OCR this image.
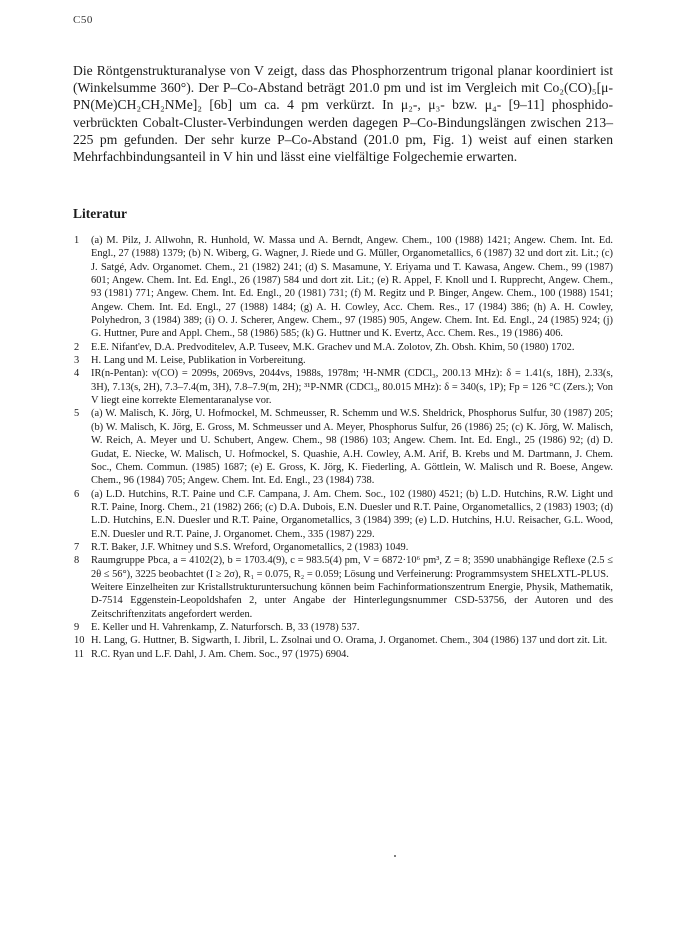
C50

Die Röntgenstrukturanalyse von V zeigt, dass das Phosphorzentrum trigonal planar koordiniert ist (Winkelsumme 360°). Der P–Co-Abstand beträgt 201.0 pm und ist im Vergleich mit Co₂(CO)₅[μ-PN(Me)CH₂CH₂NMe]₂ [6b] um ca. 4 pm verkürzt. In μ₂-, μ₃- bzw. μ₄- [9–11] phosphido-verbrückten Cobalt-Cluster-Verbindungen werden dagegen P–Co-Bindungslängen zwischen 213–225 pm gefunden. Der sehr kurze P–Co-Abstand (201.0 pm, Fig. 1) weist auf einen starken Mehrfachbindungsanteil in V hin und lässt eine vielfältige Folgechemie erwarten.

Literatur
1	(a) M. Pilz, J. Allwohn, R. Hunhold, W. Massa und A. Berndt, Angew. Chem., 100 (1988) 1421; Angew. Chem. Int. Ed. Engl., 27 (1988) 1379; (b) N. Wiberg, G. Wagner, J. Riede und G. Müller, Organometallics, 6 (1987) 32 und dort zit. Lit.; (c) J. Satgé, Adv. Organomet. Chem., 21 (1982) 241; (d) S. Masamune, Y. Eriyama und T. Kawasa, Angew. Chem., 99 (1987) 601; Angew. Chem. Int. Ed. Engl., 26 (1987) 584 und dort zit. Lit.; (e) R. Appel, F. Knoll und I. Rupprecht, Angew. Chem., 93 (1981) 771; Angew. Chem. Int. Ed. Engl., 20 (1981) 731; (f) M. Regitz und P. Binger, Angew. Chem., 100 (1988) 1541; Angew. Chem. Int. Ed. Engl., 27 (1988) 1484; (g) A. H. Cowley, Acc. Chem. Res., 17 (1984) 386; (h) A. H. Cowley, Polyhedron, 3 (1984) 389; (i) O. J. Scherer, Angew. Chem., 97 (1985) 905, Angew. Chem. Int. Ed. Engl., 24 (1985) 924; (j) G. Huttner, Pure and Appl. Chem., 58 (1986) 585; (k) G. Huttner und K. Evertz, Acc. Chem. Res., 19 (1986) 406.
2	E.E. Nifant'ev, D.A. Predvoditelev, A.P. Tuseev, M.K. Grachev und M.A. Zolotov, Zh. Obsh. Khim, 50 (1980) 1702.
3	H. Lang und M. Leise, Publikation in Vorbereitung.
4	IR(n-Pentan): ν(CO) = 2099s, 2069vs, 2044vs, 1988s, 1978m; ¹H-NMR (CDCl₃, 200.13 MHz): δ = 1.41(s, 18H), 2.33(s, 3H), 7.13(s, 2H), 7.3–7.4(m, 3H), 7.8–7.9(m, 2H); ³¹P-NMR (CDCl₃, 80.015 MHz): δ = 340(s, 1P); Fp = 126 °C (Zers.); Von V liegt eine korrekte Elementaranalyse vor.
5	(a) W. Malisch, K. Jörg, U. Hofmockel, M. Schmeusser, R. Schemm und W.S. Sheldrick, Phosphorus Sulfur, 30 (1987) 205; (b) W. Malisch, K. Jörg, E. Gross, M. Schmeusser und A. Meyer, Phosphorus Sulfur, 26 (1986) 25; (c) K. Jörg, W. Malisch, W. Reich, A. Meyer und U. Schubert, Angew. Chem., 98 (1986) 103; Angew. Chem. Int. Ed. Engl., 25 (1986) 92; (d) D. Gudat, E. Niecke, W. Malisch, U. Hofmockel, S. Quashie, A.H. Cowley, A.M. Arif, B. Krebs und M. Dartmann, J. Chem. Soc., Chem. Commun. (1985) 1687; (e) E. Gross, K. Jörg, K. Fiederling, A. Göttlein, W. Malisch und R. Boese, Angew. Chem., 96 (1984) 705; Angew. Chem. Int. Ed. Engl., 23 (1984) 738.
6	(a) L.D. Hutchins, R.T. Paine und C.F. Campana, J. Am. Chem. Soc., 102 (1980) 4521; (b) L.D. Hutchins, R.W. Light und R.T. Paine, Inorg. Chem., 21 (1982) 266; (c) D.A. Dubois, E.N. Duesler und R.T. Paine, Organometallics, 2 (1983) 1903; (d) L.D. Hutchins, E.N. Duesler und R.T. Paine, Organometallics, 3 (1984) 399; (e) L.D. Hutchins, H.U. Reisacher, G.L. Wood, E.N. Duesler und R.T. Paine, J. Organomet. Chem., 335 (1987) 229.
7	R.T. Baker, J.F. Whitney und S.S. Wreford, Organometallics, 2 (1983) 1049.
8	Raumgruppe Pbca, a = 4102(2), b = 1703.4(9), c = 983.5(4) pm, V = 6872·10⁶ pm³, Z = 8; 3590 unabhängige Reflexe (2.5 ≤ 2θ ≤ 56°), 3225 beobachtet (I ≥ 2σ), R₁ = 0.075, R₂ = 0.059; Lösung und Verfeinerung: Programmsystem SHELXTL-PLUS.
Weitere Einzelheiten zur Kristallstrukturuntersuchung können beim Fachinformationszentrum Energie, Physik, Mathematik, D-7514 Eggenstein-Leopoldshafen 2, unter Angabe der Hinterlegungsnummer CSD-53756, der Autoren und des Zeitschriftenzitats angefordert werden.
9	E. Keller und H. Vahrenkamp, Z. Naturforsch. B, 33 (1978) 537.
10 H. Lang, G. Huttner, B. Sigwarth, I. Jibril, L. Zsolnai und O. Orama, J. Organomet. Chem., 304 (1986) 137 und dort zit. Lit.
11 R.C. Ryan und L.F. Dahl, J. Am. Chem. Soc., 97 (1975) 6904.
